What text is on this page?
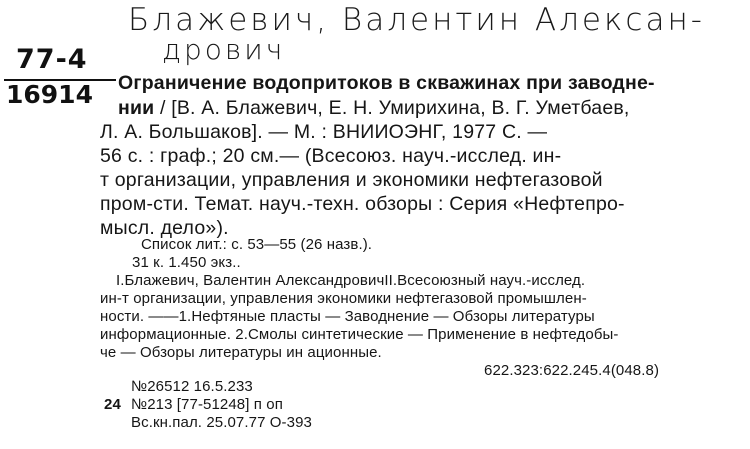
Блажевич, Валентин Алексан-
дрович
77-4
16914 Ограничение водопритоков в скважинах при заводне-
нии / [В. А. Блажевич, Е. Н. Умирихина, В. Г. Уметбаев,
Л. А. Большаков]. — М. : ВНИИОЭНГ, 1977 С. —
56 с. : граф.; 20 см.— (Всесоюз. науч.-исслед. ин-
т организации, управления и экономики нефтегазовой
пром-сти. Темат. науч.-техн. обзоры : Серия «Нефтепро-
мысл. дело»).
Список лит.: с. 53—55 (26 назв.).
31 к. 1.450 экз..
I.Блажевич, Валентин АлександровичII.Всесоюзный науч.-исслед.
ин-т организации, управления экономики нефтегазовой промышлен-
ности. ——1.Нефтяные пласты — Заводнение — Обзоры литературы
информационные. 2.Смолы синтетические — Применение в нефтедобы-
че — Обзоры литературы ин ационные.
622.323:622.245.4(048.8)
№26512 16.5.233
24 №213 [77-51248] п оп
Вс.кн.пал. 25.07.77 О-393
